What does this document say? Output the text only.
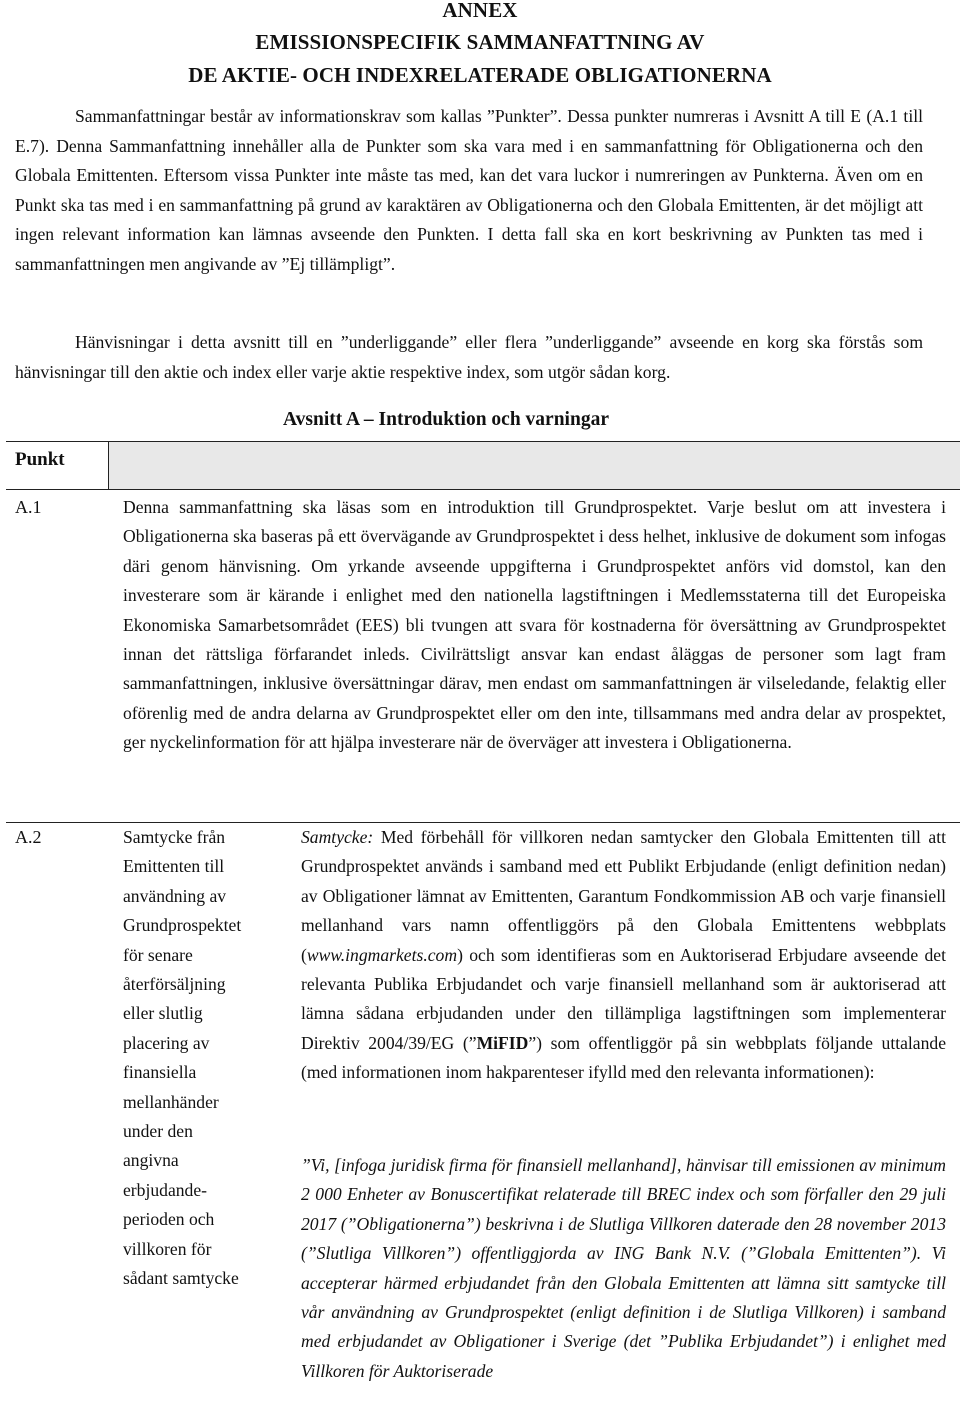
ANNEX
EMISSIONSPECIFIK SAMMANFATTNING AV
DE AKTIE- OCH INDEXRELATERADE OBLIGATIONERNA

Sammanfattningar består av informationskrav som kallas ”Punkter”. Dessa punkter numreras i Avsnitt A till E (A.1 till E.7). Denna Sammanfattning innehåller alla de Punkter som ska vara med i en sammanfattning för Obligationerna och den Globala Emittenten. Eftersom vissa Punkter inte måste tas med, kan det vara luckor i numreringen av Punkterna. Även om en Punkt ska tas med i en sammanfattning på grund av karaktären av Obligationerna och den Globala Emittenten, är det möjligt att ingen relevant information kan lämnas avseende den Punkten. I detta fall ska en kort beskrivning av Punkten tas med i sammanfattningen men angivande av ”Ej tillämpligt”.

Hänvisningar i detta avsnitt till en ”underliggande” eller flera ”underliggande” avseende en korg ska förstås som hänvisningar till den aktie och index eller varje aktie respektive index, som utgör sådan korg.

Avsnitt A – Introduktion och varningar
Punkt
A.1	Denna sammanfattning ska läsas som en introduktion till Grundprospektet. Varje beslut om att investera i Obligationerna ska baseras på ett övervägande av Grundprospektet i dess helhet, inklusive de dokument som infogas däri genom hänvisning. Om yrkande avseende uppgifterna i Grundprospektet anförs vid domstol, kan den investerare som är kärande i enlighet med den nationella lagstiftningen i Medlemsstaterna till det Europeiska Ekonomiska Samarbetsområdet (EES) bli tvungen att svara för kostnaderna för översättning av Grundprospektet innan det rättsliga förfarandet inleds. Civilrättsligt ansvar kan endast åläggas de personer som lagt fram sammanfattningen, inklusive översättningar därav, men endast om sammanfattningen är vilseledande, felaktig eller oförenlig med de andra delarna av Grundprospektet eller om den inte, tillsammans med andra delar av prospektet, ger nyckelinformation för att hjälpa investerare när de överväger att investera i Obligationerna.

A.2	Samtycke från
Emittenten till
användning av
Grundprospektet
för senare
återförsäljning
eller slutlig
placering av
finansiella
mellanhänder
under den
angivna
erbjudande-
perioden och
villkoren för
sådant samtycke

Samtycke: Med förbehåll för villkoren nedan samtycker den Globala Emittenten till att Grundprospektet används i samband med ett Publikt Erbjudande (enligt definition nedan) av Obligationer lämnat av Emittenten, Garantum Fondkommission AB och varje finansiell mellanhand vars namn offentliggörs på den Globala Emittentens webbplats (www.ingmarkets.com) och som identifieras som en Auktoriserad Erbjudare avseende det relevanta Publika Erbjudandet och varje finansiell mellanhand som är auktoriserad att lämna sådana erbjudanden under den tillämpliga lagstiftningen som implementerar Direktiv 2004/39/EG (”MiFID”) som offentliggör på sin webbplats följande uttalande (med informationen inom hakparenteser ifylld med den relevanta informationen):

”Vi, [infoga juridisk firma för finansiell mellanhand], hänvisar till emissionen av minimum 2 000 Enheter av Bonuscertifikat relaterade till BREC index och som förfaller den 29 juli 2017 (”Obligationerna”) beskrivna i de Slutliga Villkoren daterade den 28 november 2013 (”Slutliga Villkoren”) offentliggjorda av ING Bank N.V. (”Globala Emittenten”). Vi accepterar härmed erbjudandet från den Globala Emittenten att lämna sitt samtycke till vår användning av Grundprospektet (enligt definition i de Slutliga Villkoren) i samband med erbjudandet av Obligationer i Sverige (det ”Publika Erbjudandet”) i enlighet med Villkoren för Auktoriserade
